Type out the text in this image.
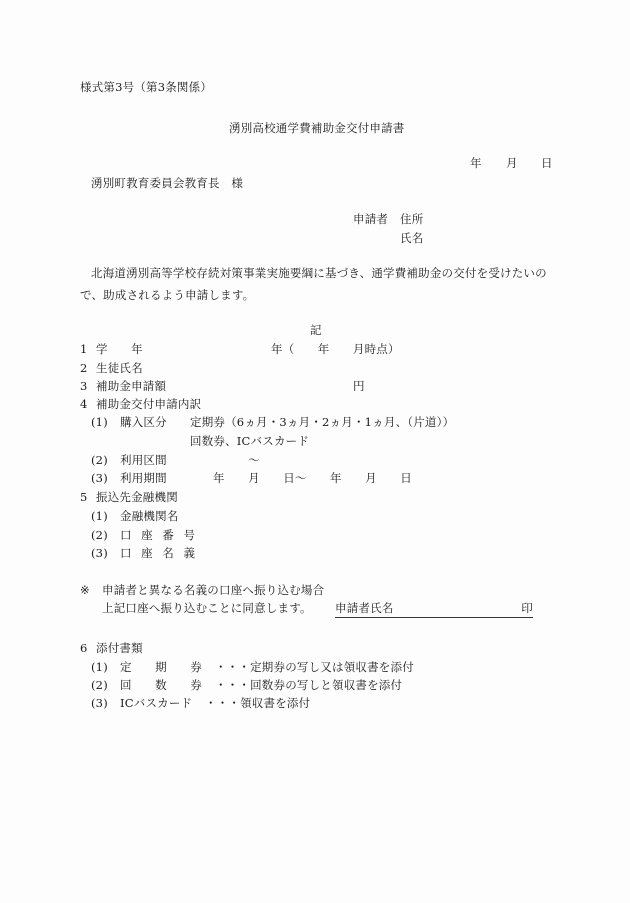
様式第3号（第3条関係）
湧別高校通学費補助金交付申請書
年 月 日
湧別町教育委員会教育長　様
申請者 住所
氏名
北海道湧別高等学校存続対策事業実施要綱に基づき、通学費補助金の交付を受けたいの
で、助成されるよう申請します。
記
1 学　　年	年（　　年　　月時点）
2 生徒氏名
3 補助金申請額	円
4 補助金交付申請内訳
(1) 購入区分 定期券（6ヵ月・3ヵ月・2ヵ月・1ヵ月、（片道））
回数券、ICバスカード
(2) 利用区間	～
(3) 利用期間	年　　月　　日～　　年　　月　　日
5 振込先金融機関
(1) 金融機関名
(2) 口 座 番 号
(3) 口 座 名 義
※ 申請者と異なる名義の口座へ振り込む場合
上記口座へ振り込むことに同意します。 申請者氏名	印
6 添付書類
(1) 定　　期　　券 ・・・定期券の写し又は領収書を添付
(2) 回　　数　　券 ・・・回数券の写しと領収書を添付
(3) ICバスカード ・・・領収書を添付
